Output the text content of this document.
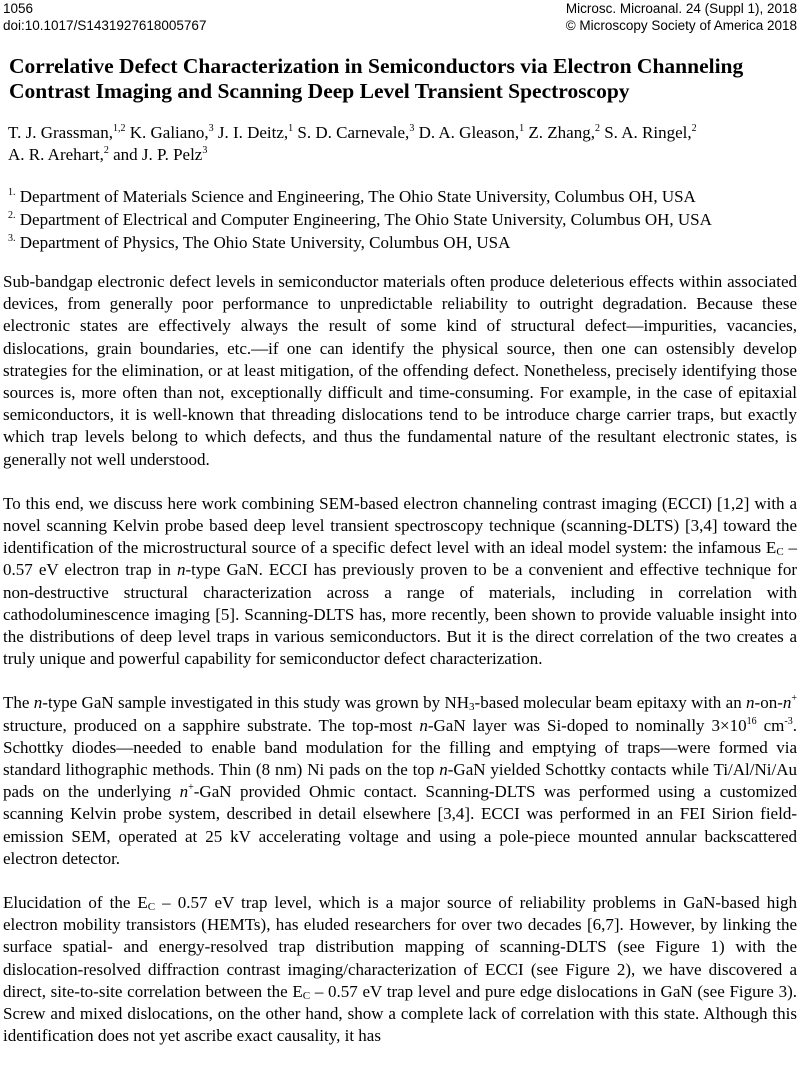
1056
doi:10.1017/S1431927618005767
Microsc. Microanal. 24 (Suppl 1), 2018
© Microscopy Society of America 2018
Correlative Defect Characterization in Semiconductors via Electron Channeling
Contrast Imaging and Scanning Deep Level Transient Spectroscopy
T. J. Grassman,$^{1,2}$ K. Galiano,$^3$ J. I. Deitz,$^1$ S. D. Carnevale,$^3$ D. A. Gleason,$^1$ Z. Zhang,$^2$ S. A. Ringel,$^2$
A. R. Arehart,$^2$ and J. P. Pelz$^3$
$^{1.}$ Department of Materials Science and Engineering, The Ohio State University, Columbus OH, USA
$^{2.}$ Department of Electrical and Computer Engineering, The Ohio State University, Columbus OH, USA
$^{3.}$ Department of Physics, The Ohio State University, Columbus OH, USA

Sub-bandgap electronic defect levels in semiconductor materials often produce deleterious effects within associated devices, from generally poor performance to unpredictable reliability to outright degradation. Because these electronic states are effectively always the result of some kind of structural defect—impurities, vacancies, dislocations, grain boundaries, etc.—if one can identify the physical source, then one can ostensibly develop strategies for the elimination, or at least mitigation, of the offending defect. Nonetheless, precisely identifying those sources is, more often than not, exceptionally difficult and time-consuming. For example, in the case of epitaxial semiconductors, it is well-known that threading dislocations tend to be introduce charge carrier traps, but exactly which trap levels belong to which defects, and thus the fundamental nature of the resultant electronic states, is generally not well understood.

To this end, we discuss here work combining SEM-based electron channeling contrast imaging (ECCI) [1,2] with a novel scanning Kelvin probe based deep level transient spectroscopy technique (scanning-DLTS) [3,4] toward the identification of the microstructural source of a specific defect level with an ideal model system: the infamous $E_C - 0.57$ eV electron trap in n-type GaN. ECCI has previously proven to be a convenient and effective technique for non-destructive structural characterization across a range of materials, including in correlation with cathodoluminescence imaging [5]. Scanning-DLTS has, more recently, been shown to provide valuable insight into the distributions of deep level traps in various semiconductors. But it is the direct correlation of the two creates a truly unique and powerful capability for semiconductor defect characterization.

The n-type GaN sample investigated in this study was grown by $NH_3$-based molecular beam epitaxy with an n-on-n+ structure, produced on a sapphire substrate. The top-most n-GaN layer was Si-doped to nominally $3\times 10^{16}$ $cm^{-3}$. Schottky diodes—needed to enable band modulation for the filling and emptying of traps—were formed via standard lithographic methods. Thin (8 nm) Ni pads on the top n-GaN yielded Schottky contacts while Ti/Al/Ni/Au pads on the underlying n+-GaN provided Ohmic contact. Scanning-DLTS was performed using a customized scanning Kelvin probe system, described in detail elsewhere [3,4]. ECCI was performed in an FEI Sirion field-emission SEM, operated at 25 kV accelerating voltage and using a pole-piece mounted annular backscattered electron detector.

Elucidation of the $E_C - 0.57$ eV trap level, which is a major source of reliability problems in GaN-based high electron mobility transistors (HEMTs), has eluded researchers for over two decades [6,7]. However, by linking the surface spatial- and energy-resolved trap distribution mapping of scanning-DLTS (see Figure 1) with the dislocation-resolved diffraction contrast imaging/characterization of ECCI (see Figure 2), we have discovered a direct, site-to-site correlation between the $E_C - 0.57$ eV trap level and pure edge dislocations in GaN (see Figure 3). Screw and mixed dislocations, on the other hand, show a complete lack of correlation with this state. Although this identification does not yet ascribe exact causality, it has
